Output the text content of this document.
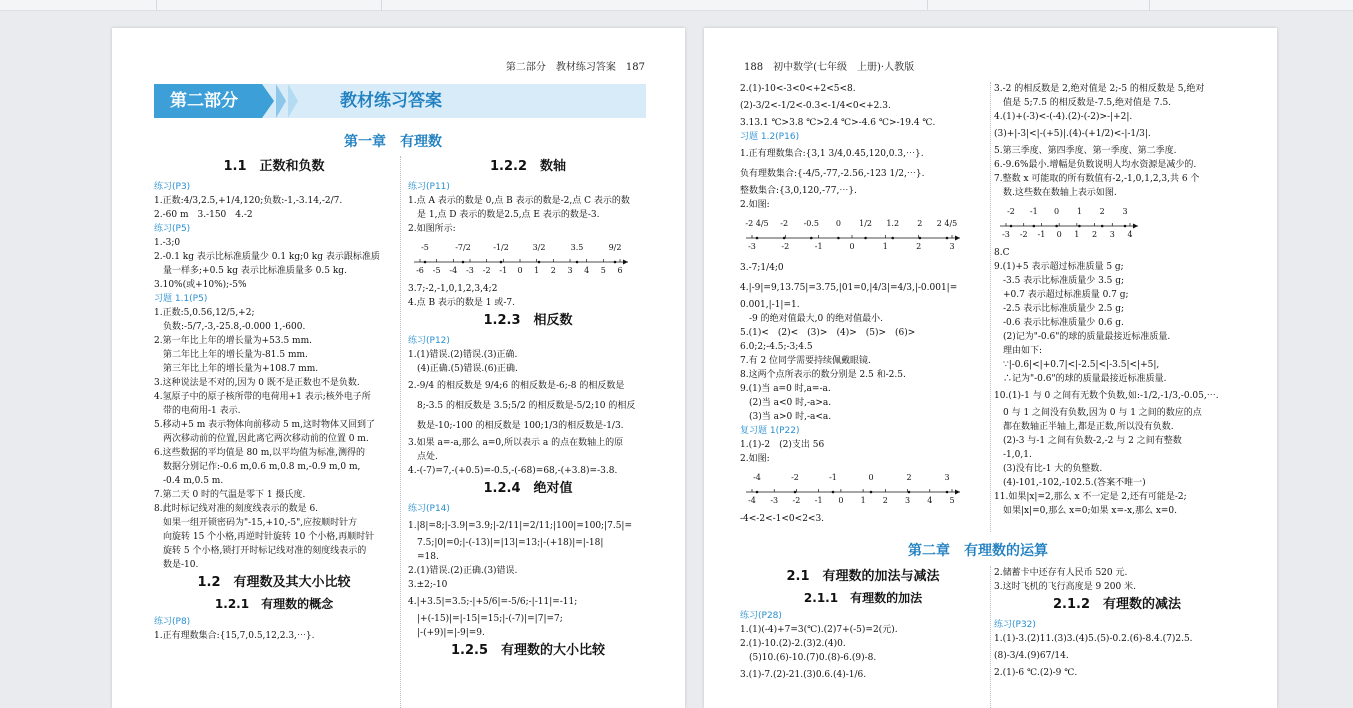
第二部分　教材练习答案　187
第二部分	教材练习答案
第一章　有理数
1.1　正数和负数
练习(P3)
1.正数:4/3,2.5,+1/4,120;负数:-1,-3.14,-2/7.
2.-60 m　3.-150　4.-2
练习(P5)
1.-3;0
2.-0.1 kg 表示比标准质量少 0.1 kg;0 kg 表示跟标准质
量一样多;+0.5 kg 表示比标准质量多 0.5 kg.
3.10%(或+10%);-5%
习题 1.1(P5)
1.正数:5,0.56,12/5,+2;
负数:-5/7,-3,-25.8,-0.000 1,-600.
2.第一年比上年的增长量为+53.5 mm.
第二年比上年的增长量为-81.5 mm.
第三年比上年的增长量为+108.7 mm.
3.这种说法是不对的,因为 0 既不是正数也不是负数.
4.氢原子中的原子核所带的电荷用+1 表示;核外电子所
带的电荷用-1 表示.
5.移动+5 m 表示物体向前移动 5 m,这时物体又回到了
两次移动前的位置,因此离它两次移动前的位置 0 m.
6.这些数据的平均值是 80 m,以平均值为标准,测得的
数据分别记作:-0.6 m,0.6 m,0.8 m,-0.9 m,0 m,
-0.4 m,0.5 m.
7.第二天 0 时的气温是零下 1 摄氏度.
8.此时标记线对准的刻度线表示的数是 6.
如果一组开锁密码为"-15,+10,-5",应按顺时针方
向旋转 15 个小格,再逆时针旋转 10 个小格,再顺时针
旋转 5 个小格,锁打开时标记线对准的刻度线表示的
数是-10.
1.2　有理数及其大小比较
1.2.1　有理数的概念
练习(P8)
1.正有理数集合:{15,7,0.5,12,2.3,⋯}.
1.2.2　数轴
练习(P11)
1.点 A 表示的数是 0,点 B 表示的数是-2,点 C 表示的数
是 1,点 D 表示的数是2.5,点 E 表示的数是-3.
2.如图所示:
-6 -5 -4 -3 -2 -1 0 1 2 3 4 5 6
-5	-7/2	-1/2	3/2	3.5	9/2
3.7;-2,-1,0,1,2,3,4;2
4.点 B 表示的数是 1 或-7.
1.2.3　相反数
练习(P12)
1.(1)错误.(2)错误.(3)正确.
(4)正确.(5)错误.(6)正确.
2.-9/4 的相反数是 9/4;6 的相反数是-6;-8 的相反数是
　8;-3.5 的相反数是 3.5;5/2 的相反数是-5/2;10 的相反
　数是-10;-100 的相反数是 100;1/3的相反数是-1/3.
3.如果 a=-a,那么 a=0,所以表示 a 的点在数轴上的原
点处.
4.-(-7)=7,-(+0.5)=-0.5,-(-68)=68,-(+3.8)=-3.8.
1.2.4　绝对值
练习(P14)
1.|8|=8;|-3.9|=3.9;|-2/11|=2/11;|100|=100;|7.5|=
7.5;|0|=0;|-(-13)|=|13|=13;|-(+18)|=|-18|
=18.
2.(1)错误.(2)正确.(3)错误.
3.±2;-10
4.|+3.5|=3.5;-|+5/6|=-5/6;-|-11|=-11;
|+(-15)|=|-15|=15;|-(-7)|=|7|=7;
|-(+9)|=|-9|=9.
1.2.5　有理数的大小比较
188　初中数学(七年级　上册)·人教版
2.(1)-10<-3<0<+2<5<8.
(2)-3/2<-1/2<-0.3<-1/4<0<+2.3.
3.13.1 ℃>3.8 ℃>2.4 ℃>-4.6 ℃>-19.4 ℃.
习题 1.2(P16)
1.正有理数集合:{3,1 3/4,0.45,120,0.3̇,⋯}.
负有理数集合:{-4/5,-77,-2.56,-123 1/2,⋯}.
整数集合:{3,0,120,-77,⋯}.
2.如图:
-3	-2	-1	0	1	2	3
-2 4/5 -2 -0.5 0 1/2 1.2 2 2 4/5
3.-7;1/4;0
4.|-9|=9,13.75|=3.75,|01=0,|4/3|=4/3,|-0.001|=
0.001,|-1|=1.
-9 的绝对值最大,0 的绝对值最小.
5.(1)<　(2)<　(3)>　(4)>　(5)>　(6)>
6.0;2;-4.5;-3;4.5
7.有 2 位同学需要持续佩戴眼镜.
8.这两个点所表示的数分别是 2.5 和-2.5.
9.(1)当 a=0 时,a=-a.
(2)当 a<0 时,-a>a.
(3)当 a>0 时,-a<a.
复习题 1(P22)
1.(1)-2　(2)支出 56
2.如图:
-4 -3 -2 -1 0 1 2 3 4 5
-4	-2	-1	0	2	3
-4<-2<-1<0<2<3.
3.-2 的相反数是 2,绝对值是 2;-5 的相反数是 5,绝对
值是 5;7.5 的相反数是-7.5,绝对值是 7.5.
4.(1)+(-3)<-(-4).(2)-(-2)>-|+2|.
(3)+|-3|<|-(+5)|.(4)-(+1/2)<-|-1/3|.
5.第三季度、第四季度、第一季度、第二季度.
6.-9.6%最小.增幅是负数说明人均水资源是减少的.
7.整数 x 可能取的所有数值有-2,-1,0,1,2,3,共 6 个
数.这些数在数轴上表示如图.
-3 -2 -1 0 1 2 3 4
-2 -1 0 1 2 3
8.C
9.(1)+5 表示超过标准质量 5 g;
-3.5 表示比标准质量少 3.5 g;
+0.7 表示超过标准质量 0.7 g;
-2.5 表示比标准质量少 2.5 g;
-0.6 表示比标准质量少 0.6 g.
(2)记为"-0.6"的球的质量最接近标准质量.
理由如下:
∵|-0.6|<|+0.7|<|-2.5|<|-3.5|<|+5|,
∴记为"-0.6"的球的质量最接近标准质量.
10.(1)-1 与 0 之间有无数个负数,如:-1/2,-1/3,-0.05,⋯.
0 与 1 之间没有负数,因为 0 与 1 之间的数应的点
都在数轴正半轴上,都是正数,所以没有负数.
(2)-3 与-1 之间有负数-2,-2 与 2 之间有整数
-1,0,1.
(3)没有比-1 大的负整数.
(4)-101,-102,-102.5.(答案不唯一)
11.如果|x|=2,那么 x 不一定是 2,还有可能是-2;
如果|x|=0,那么 x=0;如果 x=-x,那么 x=0.
第二章　有理数的运算
2.1　有理数的加法与减法
2.1.1　有理数的加法
练习(P28)
1.(1)(-4)+7=3(℃).(2)7+(-5)=2(元).
2.(1)-10.(2)-2.(3)2.(4)0.
(5)10.(6)-10.(7)0.(8)-6.(9)-8.
3.(1)-7.(2)-21.(3)0.6.(4)-1/6.
2.储蓄卡中还存有人民币 520 元.
3.这时飞机的飞行高度是 9 200 米.
2.1.2　有理数的减法
练习(P32)
1.(1)-3.(2)11.(3)3.(4)5.(5)-0.2.(6)-8.4.(7)2.5.
(8)-3/4.(9)67/14.
2.(1)-6 ℃.(2)-9 ℃.
